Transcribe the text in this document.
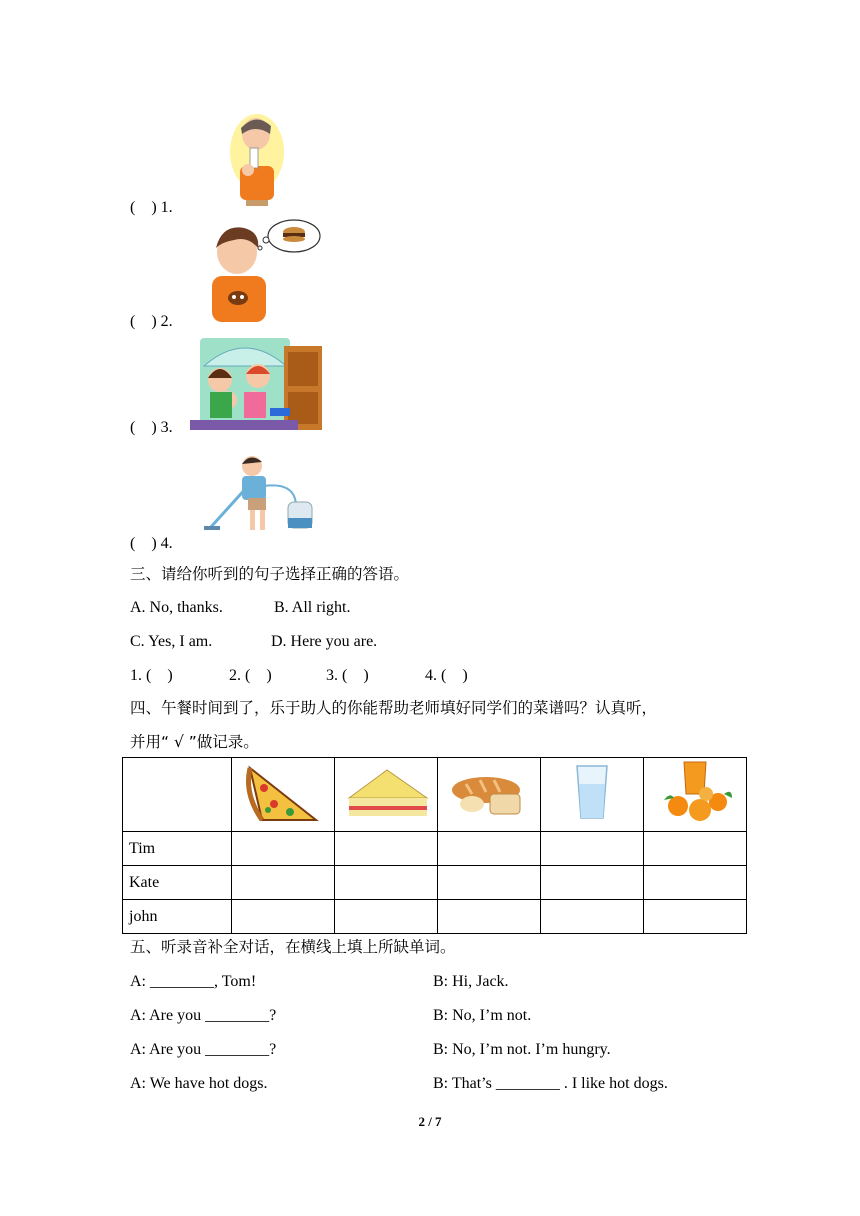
(    ) 1.
(    ) 2.
(    ) 3.
(    ) 4.
三、请给你听到的句子选择正确的答语。
A. No, thanks.	B. All right.
C. Yes, I am.	D. Here you are.
1. (    )	2. (    )	3. (    )	4. (    )
四、午餐时间到了，乐于助人的你能帮助老师填好同学们的菜谱吗？认真听，
并用“ √ ”做记录。

Tim					
Kate					
john					
五、听录音补全对话，在横线上填上所缺单词。
A: ________, Tom!	B: Hi, Jack.
A: Are you ________?	B: No, I’m not.
A: Are you ________?	B: No, I’m not. I’m hungry.
A: We have hot dogs.	B: That’s ________ . I like hot dogs.
2 / 7
